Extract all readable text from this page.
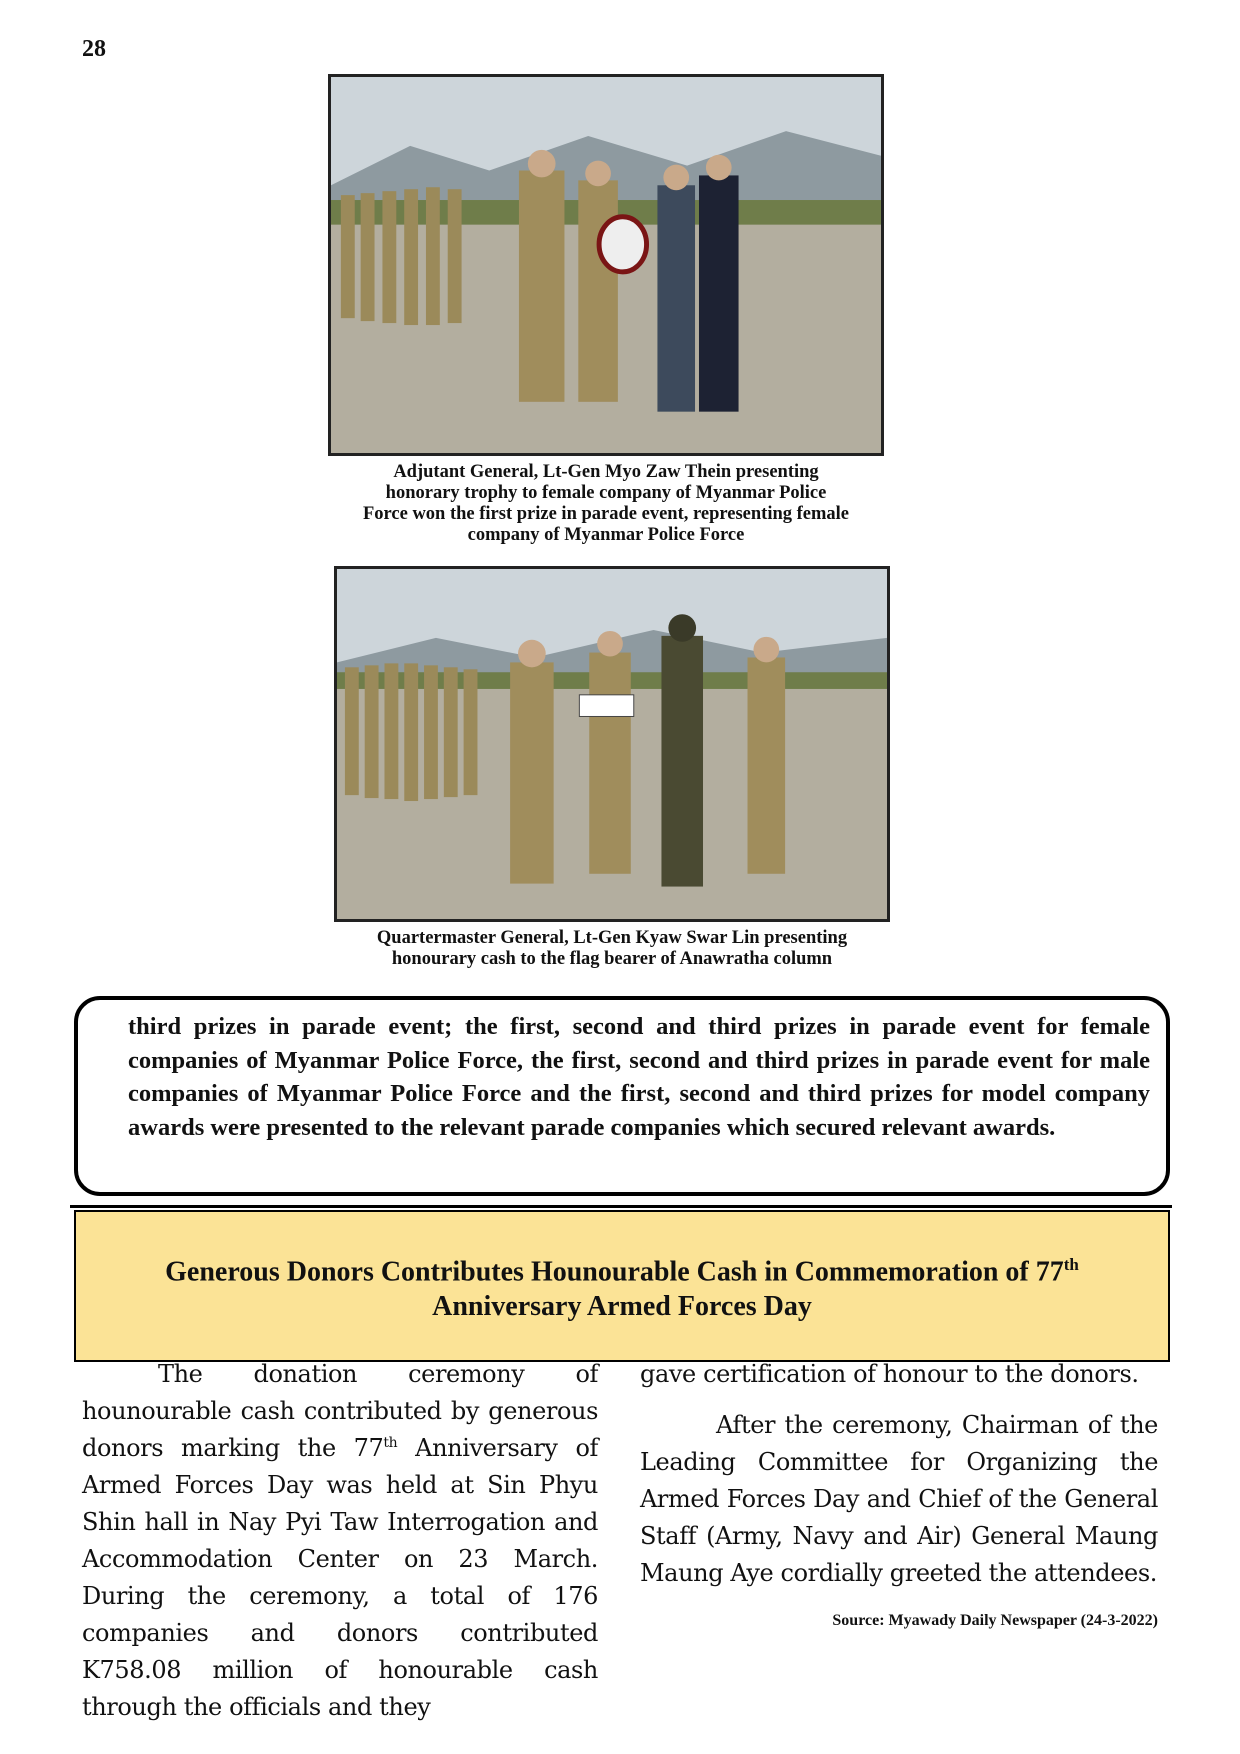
28
Adjutant General, Lt-Gen Myo Zaw Thein presenting
honorary trophy to female company of Myanmar Police
Force won the first prize in parade event, representing female
company of Myanmar Police Force
Quartermaster General, Lt-Gen Kyaw Swar Lin presenting
honourary cash to the flag bearer of Anawratha column
third prizes in parade event; the first, second and third prizes in parade event for female companies of Myanmar Police Force, the first, second and third prizes in parade event for male companies of Myanmar Police Force and the first, second and third prizes for model company awards were presented to the relevant parade companies which secured relevant awards.
Generous Donors Contributes Hounourable Cash in Commemoration of 77th
Anniversary Armed Forces Day

The donation ceremony of hounourable cash contributed by generous donors marking the 77th Anniversary of Armed Forces Day was held at Sin Phyu Shin hall in Nay Pyi Taw Interrogation and Accommodation Center on 23 March. During the ceremony, a total of 176 companies and donors contributed K758.08 million of honourable cash through the officials and they

gave certification of honour to the donors.

After the ceremony, Chairman of the Leading Committee for Organizing the Armed Forces Day and Chief of the General Staff (Army, Navy and Air) General Maung Maung Aye cordially greeted the attendees.

Source: Myawady Daily Newspaper (24-3-2022)
